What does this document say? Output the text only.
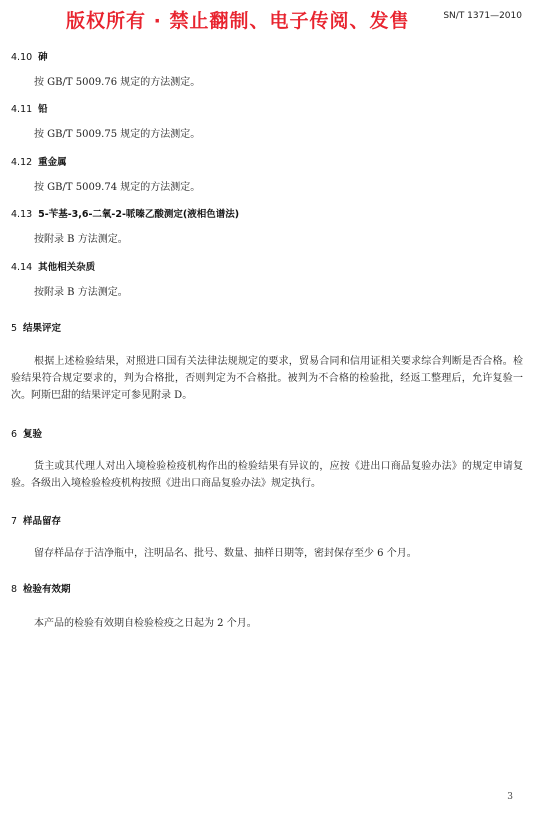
版权所有 · 禁止翻制、电子传阅、发售	SN/T 1371—2010
4.10 砷
按 GB/T 5009.76 规定的方法测定。
4.11 铅
按 GB/T 5009.75 规定的方法测定。
4.12 重金属
按 GB/T 5009.74 规定的方法测定。
4.13 5-苄基-3,6-二氧-2-哌嗪乙酸测定(液相色谱法)
按附录 B 方法测定。
4.14 其他相关杂质
按附录 B 方法测定。
5 结果评定
根据上述检验结果，对照进口国有关法律法规规定的要求，贸易合同和信用证相关要求综合判断是否合格。检验结果符合规定要求的，判为合格批，否则判定为不合格批。被判为不合格的检验批，经返工整理后，允许复验一次。阿斯巴甜的结果评定可参见附录 D。
6 复验
货主或其代理人对出入境检验检疫机构作出的检验结果有异议的，应按《进出口商品复验办法》的规定申请复验。各级出入境检验检疫机构按照《进出口商品复验办法》规定执行。
7 样品留存
留存样品存于洁净瓶中，注明品名、批号、数量、抽样日期等，密封保存至少 6 个月。
8 检验有效期
本产品的检验有效期自检验检疫之日起为 2 个月。
3
